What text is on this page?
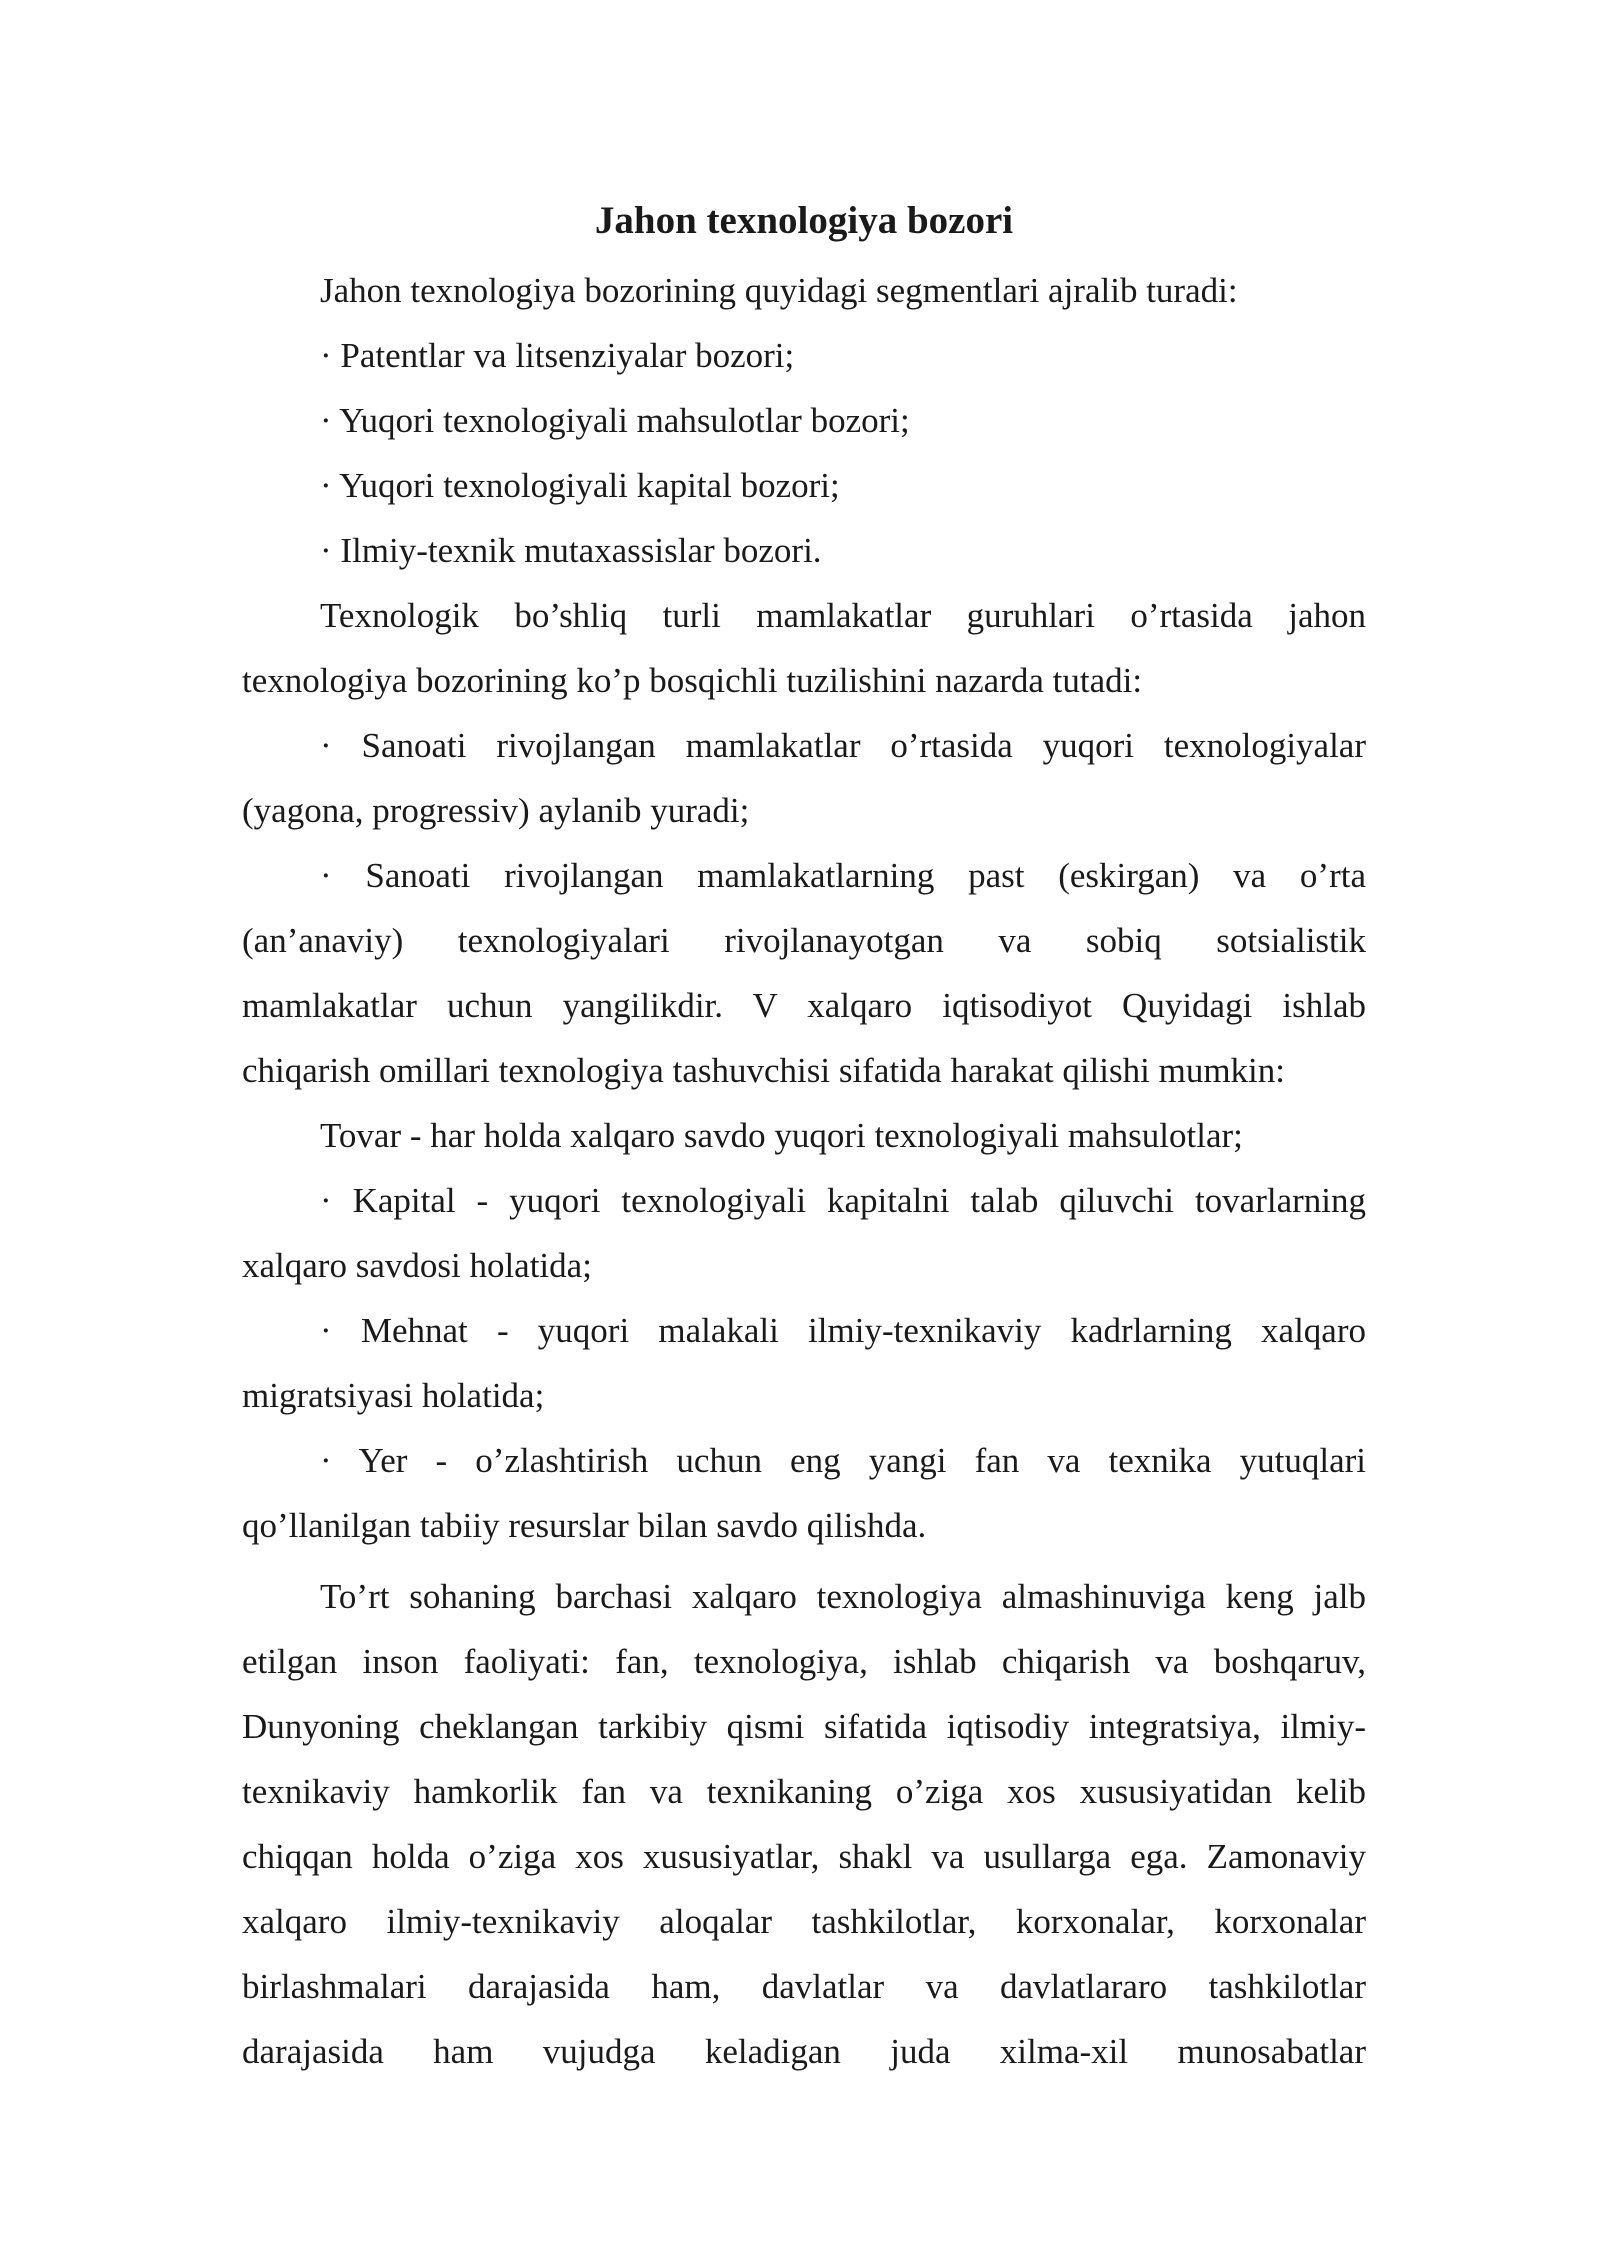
Jahon texnologiya bozori

Jahon texnologiya bozorining quyidagi segmentlari ajralib turadi:

· Patentlar va litsenziyalar bozori;

· Yuqori texnologiyali mahsulotlar bozori;

· Yuqori texnologiyali kapital bozori;

· Ilmiy-texnik mutaxassislar bozori.

Texnologik bo’shliq turli mamlakatlar guruhlari o’rtasida jahon

texnologiya bozorining ko’p bosqichli tuzilishini nazarda tutadi:

· Sanoati rivojlangan mamlakatlar o’rtasida yuqori texnologiyalar

(yagona, progressiv) aylanib yuradi;

· Sanoati rivojlangan mamlakatlarning past (eskirgan) va o’rta

(an’anaviy) texnologiyalari rivojlanayotgan va sobiq sotsialistik

mamlakatlar uchun yangilikdir. V xalqaro iqtisodiyot Quyidagi ishlab

chiqarish omillari texnologiya tashuvchisi sifatida harakat qilishi mumkin:

Tovar - har holda xalqaro savdo yuqori texnologiyali mahsulotlar;

· Kapital - yuqori texnologiyali kapitalni talab qiluvchi tovarlarning

xalqaro savdosi holatida;

· Mehnat - yuqori malakali ilmiy-texnikaviy kadrlarning xalqaro

migratsiyasi holatida;

· Yer - o’zlashtirish uchun eng yangi fan va texnika yutuqlari

qo’llanilgan tabiiy resurslar bilan savdo qilishda.

To’rt sohaning barchasi xalqaro texnologiya almashinuviga keng jalb

etilgan inson faoliyati: fan, texnologiya, ishlab chiqarish va boshqaruv,

Dunyoning cheklangan tarkibiy qismi sifatida iqtisodiy integratsiya, ilmiy-

texnikaviy hamkorlik fan va texnikaning o’ziga xos xususiyatidan kelib

chiqqan holda o’ziga xos xususiyatlar, shakl va usullarga ega. Zamonaviy

xalqaro ilmiy-texnikaviy aloqalar tashkilotlar, korxonalar, korxonalar

birlashmalari darajasida ham, davlatlar va davlatlararo tashkilotlar

darajasida ham vujudga keladigan juda xilma-xil munosabatlar
